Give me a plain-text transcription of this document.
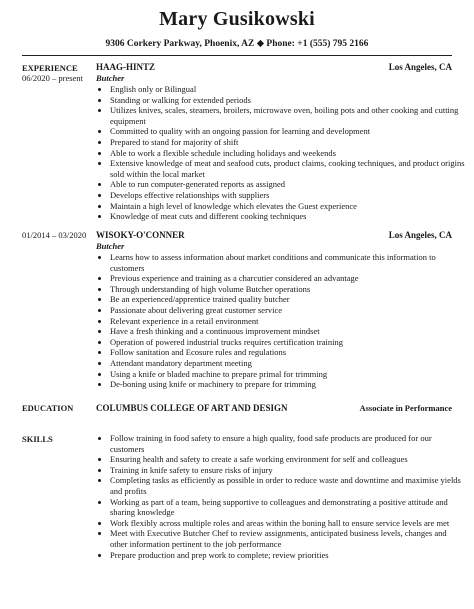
Mary Gusikowski
9306 Corkery Parkway, Phoenix, AZ ◆ Phone: +1 (555) 795 2166
EXPERIENCE
06/2020 – present
HAAG-HINTZ	Los Angeles, CA
Butcher
• English only or Bilingual
• Standing or walking for extended periods
• Utilizes knives, scales, steamers, broilers, microwave oven, boiling pots and other cooking and cutting equipment
• Committed to quality with an ongoing passion for learning and development
• Prepared to stand for majority of shift
• Able to work a flexible schedule including holidays and weekends
• Extensive knowledge of meat and seafood cuts, product claims, cooking techniques, and product origins sold within the local market
• Able to run computer-generated reports as assigned
• Develops effective relationships with suppliers
• Maintain a high level of knowledge which elevates the Guest experience
• Knowledge of meat cuts and different cooking techniques
01/2014 – 03/2020 WISOKY-O'CONNER	Los Angeles, CA
Butcher
• Learns how to assess information about market conditions and communicate this information to customers
• Previous experience and training as a charcutier considered an advantage
• Through understanding of high volume Butcher operations
• Be an experienced/apprentice trained quality butcher
• Passionate about delivering great customer service
• Relevant experience in a retail environment
• Have a fresh thinking and a continuous improvement mindset
• Operation of powered industrial trucks requires certification training
• Follow sanitation and Ecosure rules and regulations
• Attendant mandatory department meeting
• Using a knife or bladed machine to prepare primal for trimming
• De-boning using knife or machinery to prepare for trimming
EDUCATION	COLUMBUS COLLEGE OF ART AND DESIGN	Associate in Performance
SKILLS
•	Follow training in food safety to ensure a high quality, food safe products are produced for our customers
• Ensuring health and safety to create a safe working environment for self and colleagues
• Training in knife safety to ensure risks of injury
• Completing tasks as efficiently as possible in order to reduce waste and downtime and maximise yields and profits
• Working as part of a team, being supportive to colleagues and demonstrating a positive attitude and sharing knowledge
• Work flexibly across multiple roles and areas within the boning hall to ensure service levels are met
• Meet with Executive Butcher Chef to review assignments, anticipated business levels, changes and other information pertinent to the job performance
• Prepare production and prep work to complete; review priorities
